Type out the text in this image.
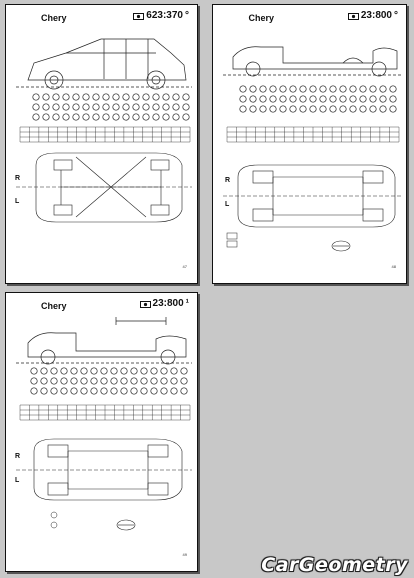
Chery	623:370 °
R
L
47
Chery	23:800 °
R
L
48
Chery	23:800 ¹
R
L
49	CarGeometry
